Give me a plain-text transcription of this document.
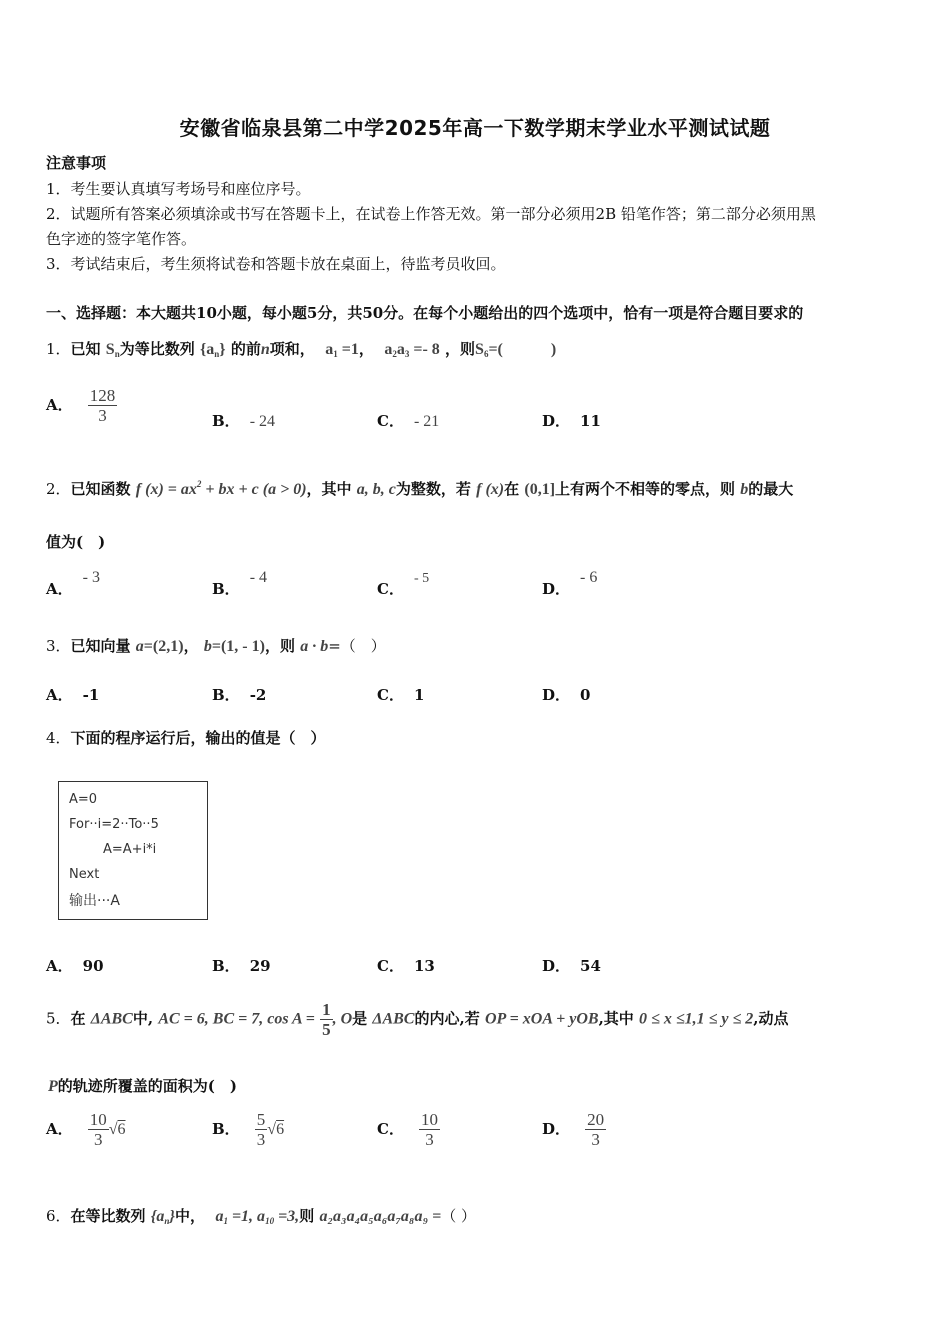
安徽省临泉县第二中学2025年高一下数学期末学业水平测试试题
注意事项
1．考生要认真填写考场号和座位序号。
2．试题所有答案必须填涂或书写在答题卡上，在试卷上作答无效。第一部分必须用2B 铅笔作答；第二部分必须用黑
色字迹的签字笔作答。
3．考试结束后，考生须将试卷和答题卡放在桌面上，待监考员收回。
一、选择题：本大题共10小题，每小题5分，共50分。在每个小题给出的四个选项中，恰有一项是符合题目要求的
1．已知 $S_n$为等比数列 $\{a_n\}$ 的前n项和， $a_1 =1$， $a_2a_3 =- 8$ ，则$S_6=$(　　　)
A． $\frac{128}{3}$	B． - 24	C． - 21	D． 11
2．已知函数 f $(x) = ax^2$ + bx + c (a > 0)，其中 a, b, c为整数，若 f (x)在 (0,1]上有两个不相等的零点，则 b的最大
值为(　)
A．- 3
B．- 4
C．- 5
D．- 6
3．已知向量 a=(2,1)， b=(1, - 1)，则 a · b=（　）
A． -1	B． -2	C． 1	D． 0
4．下面的程序运行后，输出的值是（　）
A=0
For··i=2··To··5
A=A+i*i
Next
输出···A
A． 90	B． 29	C． 13	D． 54
5．在 ΔABC中, AC = 6, BC = 7, $\cos A = \frac{1}{5}$ , O是 ΔABC的内心,若 OP = xOA + yOB,其中 0 ≤ x ≤1,1 ≤ y ≤ 2,动点
P的轨迹所覆盖的面积为(　)
A． $\frac{10}{3} √6$	B． $\frac{5}{3} √6$	C． $\frac{10}{3}$	D． $\frac{20}{3}$
6．在等比数列 $\{a_n\}$中， $a_1 =1$, $a_{10} =3$,则 a₂a₃a₄a₅a₆a₇a₈a₉ =（ ）
